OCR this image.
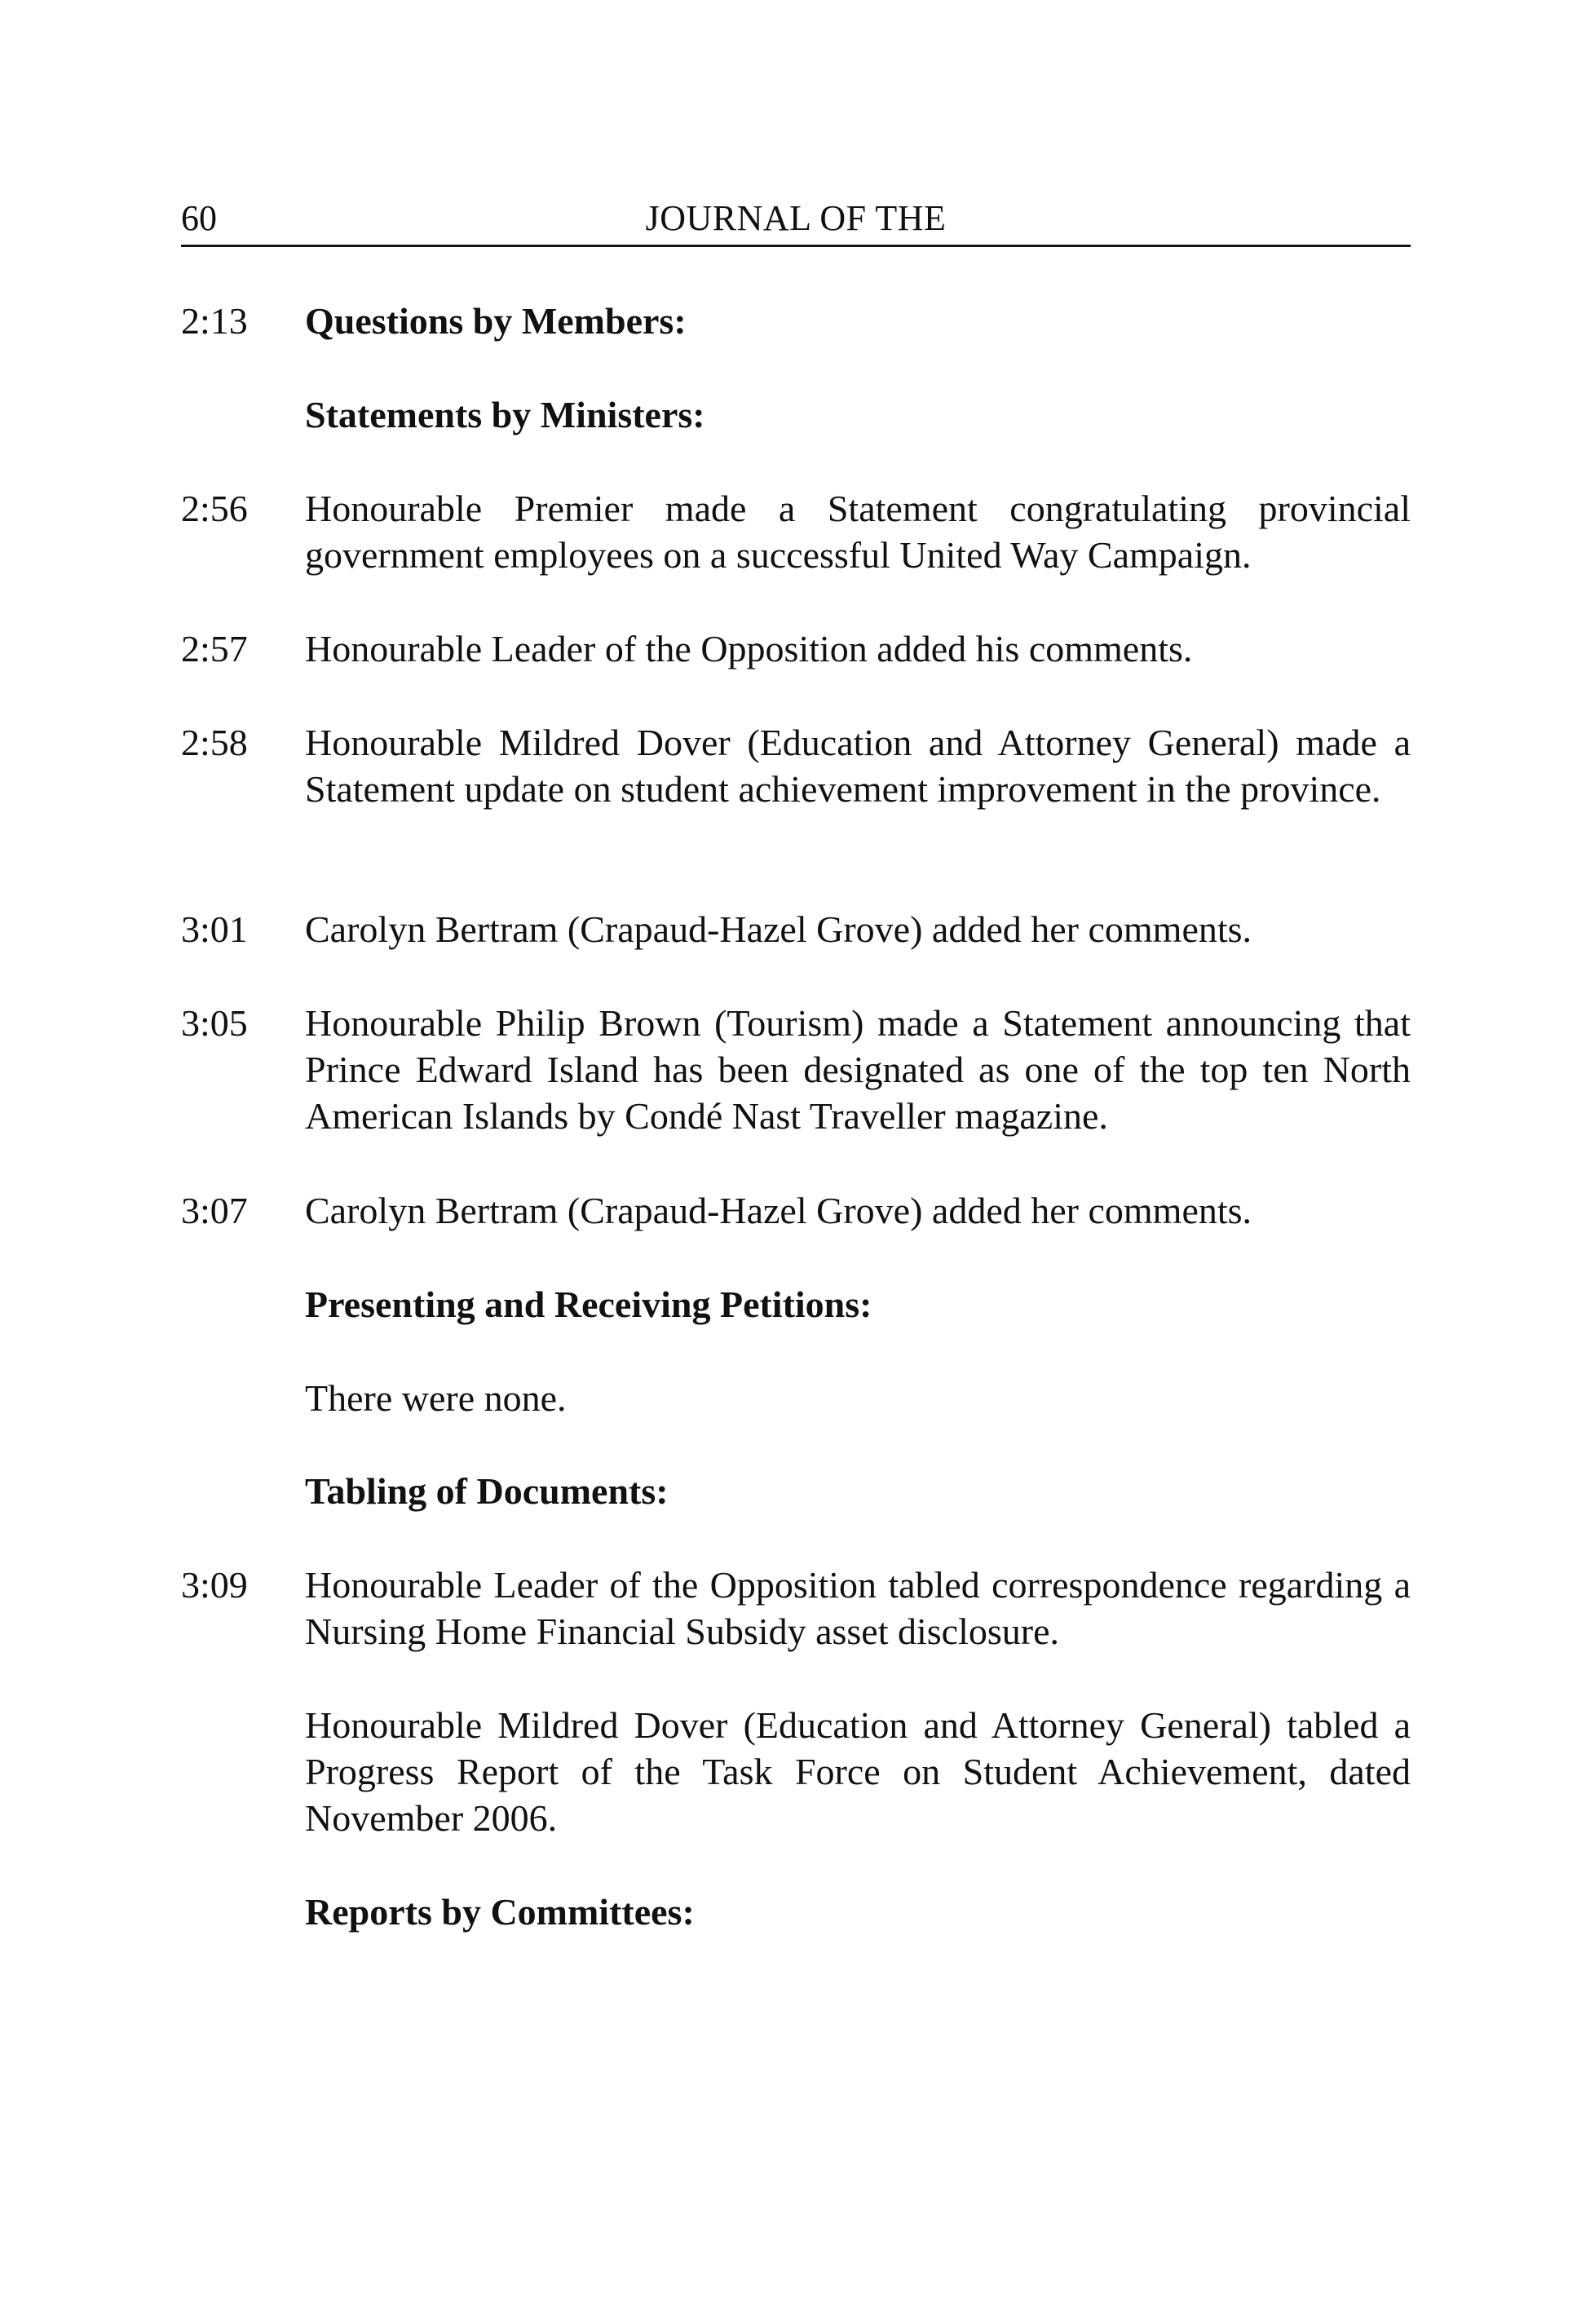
60	JOURNAL OF THE
2:13	Questions by Members:
Statements by Ministers:
2:56	Honourable Premier made a Statement congratulating provincial government employees on a successful United Way Campaign.
2:57	Honourable Leader of the Opposition added his comments.
2:58	Honourable Mildred Dover (Education and Attorney General) made a Statement update on student achievement improvement in the province.
3:01	Carolyn Bertram (Crapaud-Hazel Grove) added her comments.
3:05	Honourable Philip Brown (Tourism) made a Statement announcing that Prince Edward Island has been designated as one of the top ten North American Islands by Condé Nast Traveller magazine.
3:07	Carolyn Bertram (Crapaud-Hazel Grove) added her comments.
Presenting and Receiving Petitions:
There were none.
Tabling of Documents:
3:09	Honourable Leader of the Opposition tabled correspondence regarding a Nursing Home Financial Subsidy asset disclosure.
Honourable Mildred Dover (Education and Attorney General) tabled a Progress Report of the Task Force on Student Achievement, dated November 2006.
Reports by Committees:
